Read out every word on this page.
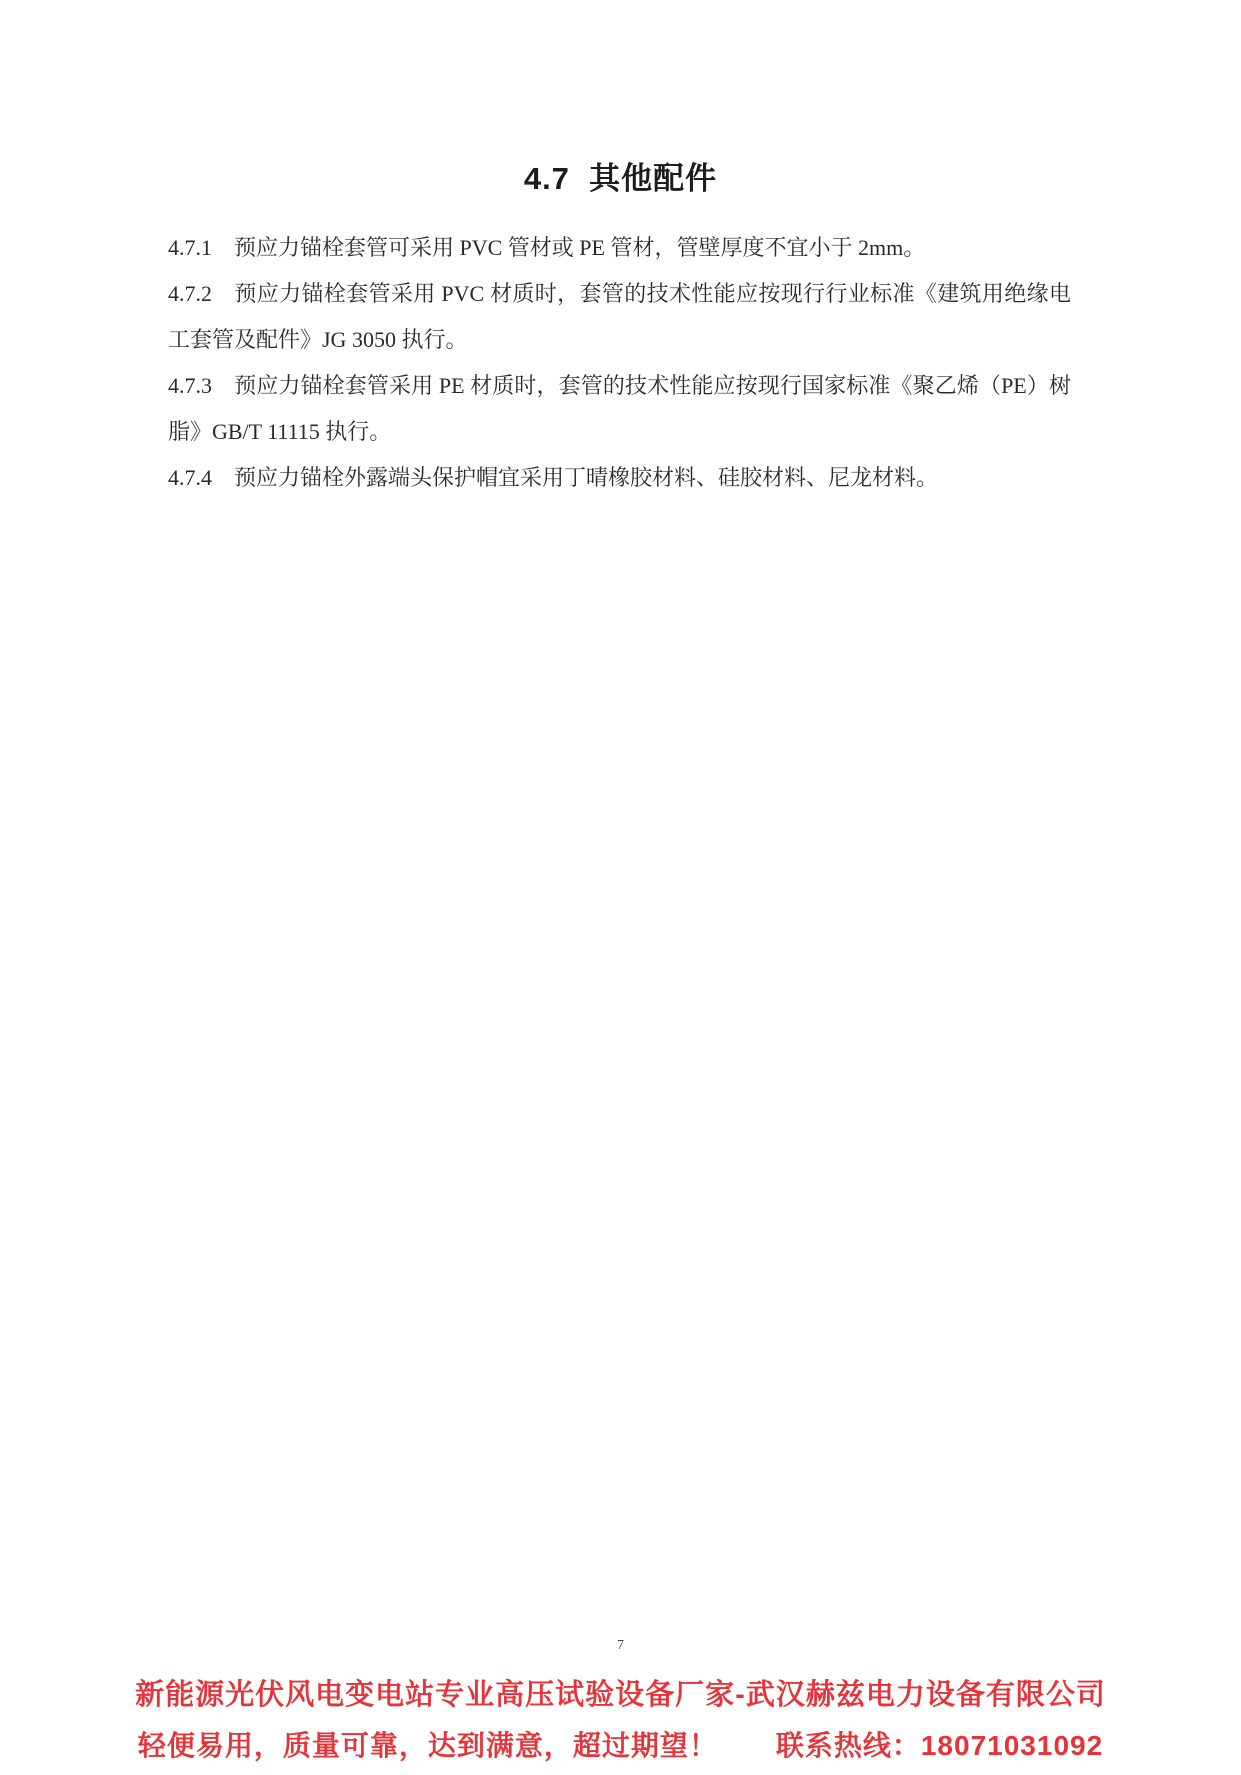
4.7  其他配件

4.7.1 预应力锚栓套管可采用 PVC 管材或 PE 管材，管壁厚度不宜小于 2mm。

4.7.2 预应力锚栓套管采用 PVC 材质时，套管的技术性能应按现行行业标准《建筑用绝缘电工套管及配件》JG 3050 执行。

4.7.3 预应力锚栓套管采用 PE 材质时，套管的技术性能应按现行国家标准《聚乙烯（PE）树脂》GB/T 11115 执行。

4.7.4 预应力锚栓外露端头保护帽宜采用丁晴橡胶材料、硅胶材料、尼龙材料。

7
新能源光伏风电变电站专业高压试验设备厂家-武汉赫兹电力设备有限公司
轻便易用，质量可靠，达到满意，超过期望！ 联系热线：18071031092
